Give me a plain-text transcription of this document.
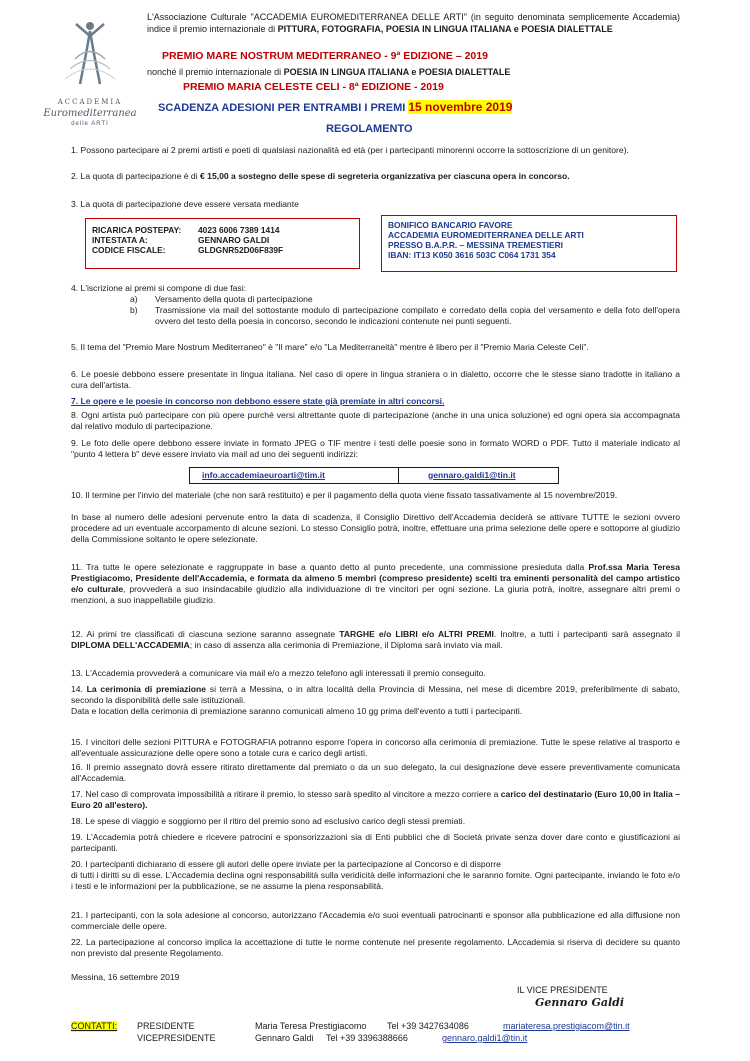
ACCADEMIA
Euromediterranea
delle ARTI
L'Associazione Culturale "ACCADEMIA EUROMEDITERRANEA DELLE ARTI" (in seguito denominata semplicemente Accademia) indice il premio internazionale di PITTURA, FOTOGRAFIA, POESIA IN LINGUA ITALIANA e POESIA DIALETTALE
PREMIO MARE NOSTRUM MEDITERRANEO - 9ª EDIZIONE – 2019
nonché il premio internazionale di POESIA IN LINGUA ITALIANA e POESIA DIALETTALE
PREMIO MARIA CELESTE CELI - 8ª EDIZIONE - 2019
SCADENZA ADESIONI PER ENTRAMBI I PREMI 15 novembre 2019
REGOLAMENTO
1. Possono partecipare ai 2 premi artisti e poeti di qualsiasi nazionalità ed età (per i partecipanti minorenni occorre la sottoscrizione di un genitore).
2. La quota di partecipazione è di € 15,00 a sostegno delle spese di segreteria organizzativa per ciascuna opera in concorso.
3. La quota di partecipazione deve essere versata mediante
RICARICA POSTEPAY: 4023 6006 7389 1414
INTESTATA A:	GENNARO GALDI
CODICE FISCALE:	GLDGNR52D06F839F
BONIFICO BANCARIO FAVORE
ACCADEMIA EUROMEDITERRANEA DELLE ARTI
PRESSO B.A.P.R. – MESSINA TREMESTIERI
IBAN: IT13 K050 3616 503C C064 1731 354
4. L'iscrizione ai premi si compone di due fasi:
a) Versamento della quota di partecipazione
b) Trasmissione via mail del sottostante modulo di partecipazione compilato e corredato della copia del versamento e della foto dell'opera ovvero del testo della poesia in concorso, secondo le indicazioni contenute nei punti seguenti.
5. Il tema del "Premio Mare Nostrum Mediterraneo" è "Il mare" e/o "La Mediterraneità" mentre è libero per il "Premio Maria Celeste Celi".
6. Le poesie debbono essere presentate in lingua italiana. Nel caso di opere in lingua straniera o in dialetto, occorre che le stesse siano tradotte in italiano a cura dell'artista.
7. Le opere e le poesie in concorso non debbono essere state già premiate in altri concorsi.
8. Ogni artista può partecipare con più opere purché versi altrettante quote di partecipazione (anche in una unica soluzione) ed ogni opera sia accompagnata dal relativo modulo di partecipazione.
9. Le foto delle opere debbono essere inviate in formato JPEG o TIF mentre i testi delle poesie sono in formato WORD o PDF. Tutto il materiale indicato al "punto 4 lettera b" deve essere inviato via mail ad uno dei seguenti indirizzi:
info.accademiaeuroarti@tim.it	gennaro.galdi1@tin.it
10. Il termine per l'invio del materiale (che non sarà restituito) e per il pagamento della quota viene fissato tassativamente al 15 novembre/2019.
In base al numero delle adesioni pervenute entro la data di scadenza, il Consiglio Direttivo dell'Accademia deciderà se attivare TUTTE le sezioni ovvero procedere ad un eventuale accorpamento di alcune sezioni. Lo stesso Consiglio potrà, inoltre, effettuare una prima selezione delle opere e sottoporre al giudizio della Commissione soltanto le opere selezionate.
11. Tra tutte le opere selezionate e raggruppate in base a quanto detto al punto precedente, una commissione presieduta dalla Prof.ssa Maria Teresa Prestigiacomo, Presidente dell'Accademia, e formata da almeno 5 membri (compreso presidente) scelti tra eminenti personalità del campo artistico e/o culturale, provvederà a suo insindacabile giudizio alla individuazione di tre vincitori per ogni sezione. La giuria potrà, inoltre, assegnare altri premi o menzioni, a suo inappellabile giudizio.
12. Ai primi tre classificati di ciascuna sezione saranno assegnate TARGHE e/o LIBRI e/o ALTRI PREMI. Inoltre, a tutti i partecipanti sarà assegnato il DIPLOMA DELL'ACCADEMIA; in caso di assenza alla cerimonia di Premiazione, il Diploma sarà inviato via mail.
13. L'Accademia provvederà a comunicare via mail e/o a mezzo telefono agli interessati il premio conseguito.
14. La cerimonia di premiazione si terrà a Messina, o in altra località della Provincia di Messina, nel mese di dicembre 2019, preferibilmente di sabato, secondo la disponibilità delle sale istituzionali.
Data e location della cerimonia di premiazione saranno comunicati almeno 10 gg prima dell'evento a tutti i partecipanti.
15. I vincitori delle sezioni PITTURA e FOTOGRAFIA potranno esporre l'opera in concorso alla cerimonia di premiazione. Tutte le spese relative al trasporto e all'eventuale assicurazione delle opere sono a totale cura e carico degli artisti.
16. Il premio assegnato dovrà essere ritirato direttamente dal premiato o da un suo delegato, la cui designazione deve essere preventivamente comunicata all'Accademia.
17. Nel caso di comprovata impossibilità a ritirare il premio, lo stesso sarà spedito al vincitore a mezzo corriere a carico del destinatario (Euro 10,00 in Italia – Euro 20 all'estero).
18. Le spese di viaggio e soggiorno per il ritiro del premio sono ad esclusivo carico degli stessi premiati.
19. L'Accademia potrà chiedere e ricevere patrocini e sponsorizzazioni sia di Enti pubblici che di Società private senza dover dare conto e giustificazioni ai partecipanti.
20. I partecipanti dichiarano di essere gli autori delle opere inviate per la partecipazione al Concorso e di disporre
di tutti i diritti su di esse. L'Accademia declina ogni responsabilità sulla veridicità delle informazioni che le saranno fornite. Ogni partecipante, inviando le foto e/o i testi e le informazioni per la pubblicazione, se ne assume la piena responsabilità.
21. I partecipanti, con la sola adesione al concorso, autorizzano l'Accademia e/o suoi eventuali patrocinanti e sponsor alla pubblicazione ed alla diffusione non commerciale delle opere.
22. La partecipazione al concorso implica la accettazione di tutte le norme contenute nel presente regolamento. LAccademia si riserva di decidere su quanto non previsto dal presente Regolamento.
Messina, 16 settembre 2019
IL VICE PRESIDENTE
Gennaro Galdi
CONTATTI: PRESIDENTE	Maria Teresa Prestigiacomo Tel +39 3427634086	mariateresa.prestigiacom@tin.it
VICEPRESIDENTE	Gennaro Galdi Tel +39 3396388666	gennaro.galdi1@tin.it
